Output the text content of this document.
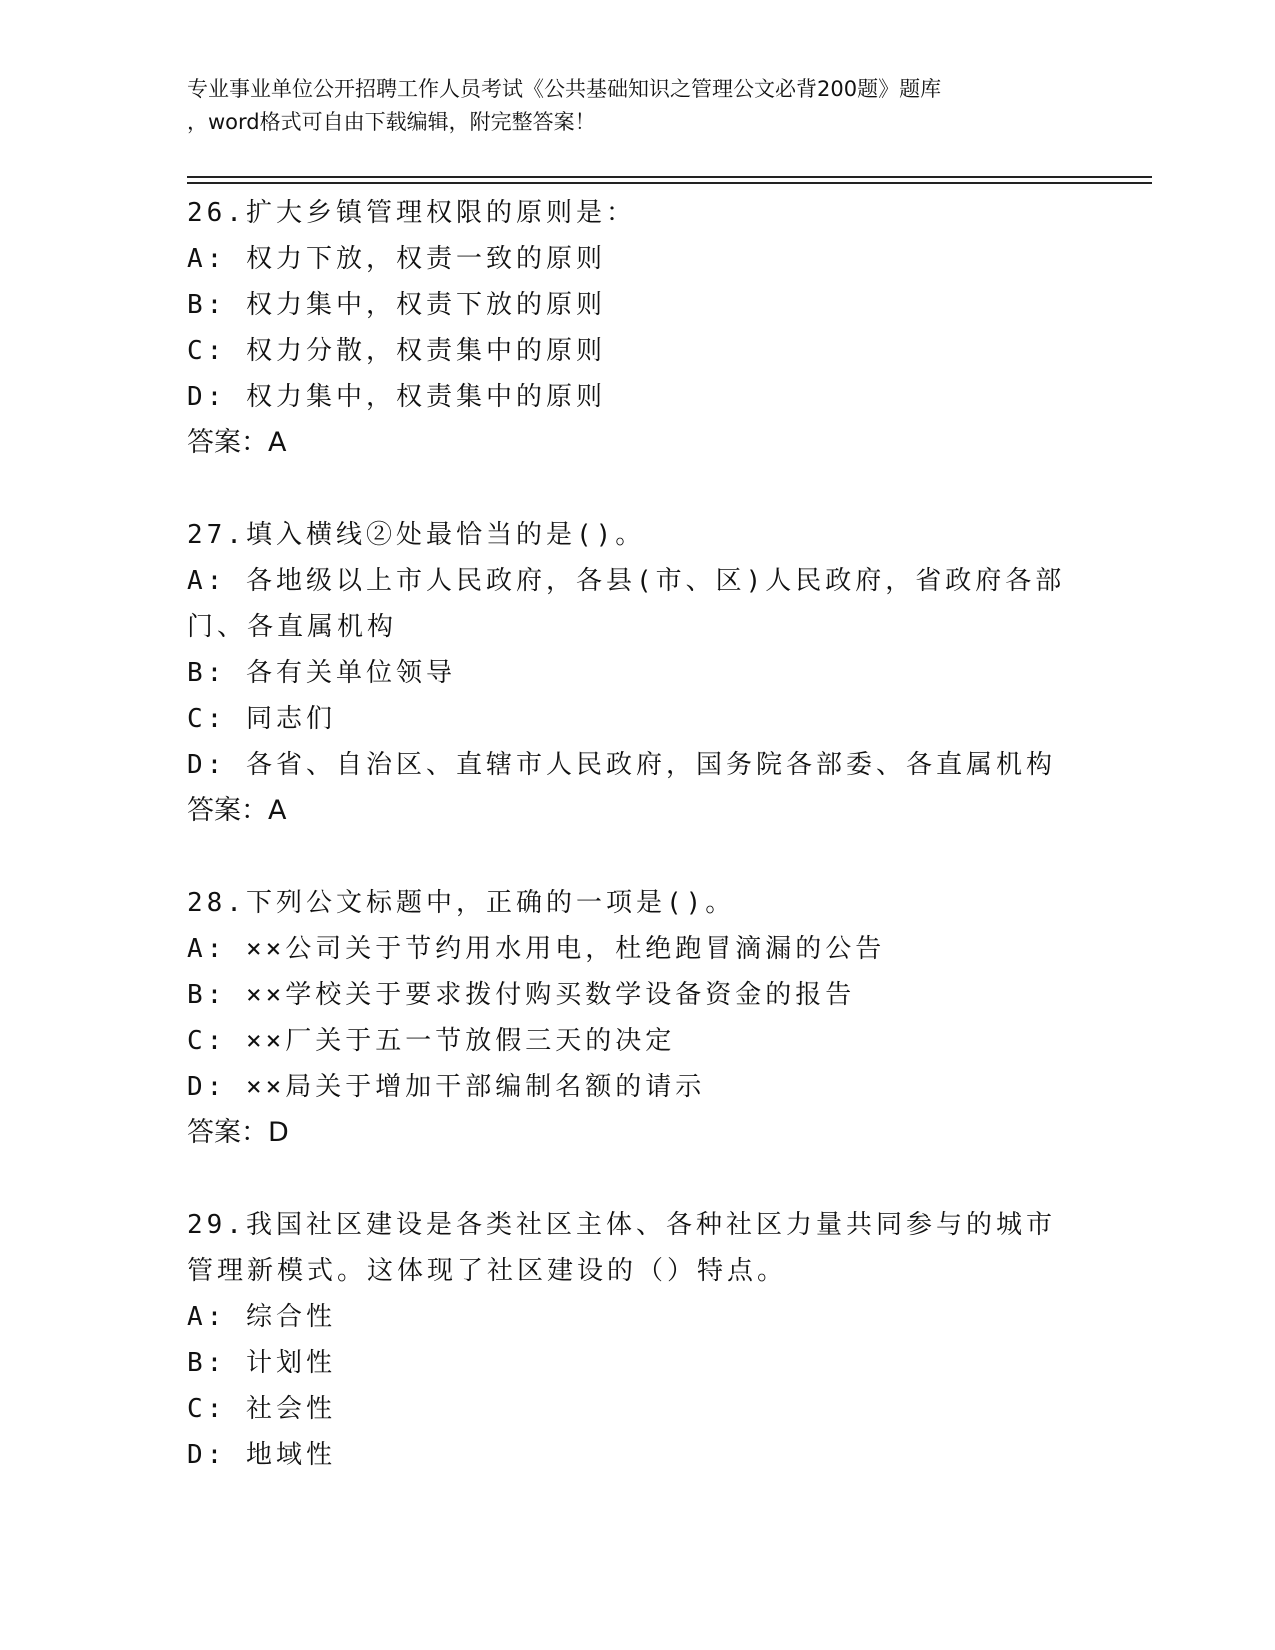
专业事业单位公开招聘工作人员考试《公共基础知识之管理公文必背200题》题库
，word格式可自由下载编辑，附完整答案！
26.扩大乡镇管理权限的原则是：
A: 权力下放，权责一致的原则
B: 权力集中，权责下放的原则
C: 权力分散，权责集中的原则
D: 权力集中，权责集中的原则
答案：A
27.填入横线②处最恰当的是()。
A: 各地级以上市人民政府，各县(市、区)人民政府，省政府各部门、各直属机构
B: 各有关单位领导
C: 同志们
D: 各省、自治区、直辖市人民政府，国务院各部委、各直属机构
答案：A
28.下列公文标题中，正确的一项是()。
A: ××公司关于节约用水用电，杜绝跑冒滴漏的公告
B: ××学校关于要求拨付购买数学设备资金的报告
C: ××厂关于五一节放假三天的决定
D: ××局关于增加干部编制名额的请示
答案：D
29.我国社区建设是各类社区主体、各种社区力量共同参与的城市管理新模式。这体现了社区建设的（）特点。
A: 综合性
B: 计划性
C: 社会性
D: 地域性
